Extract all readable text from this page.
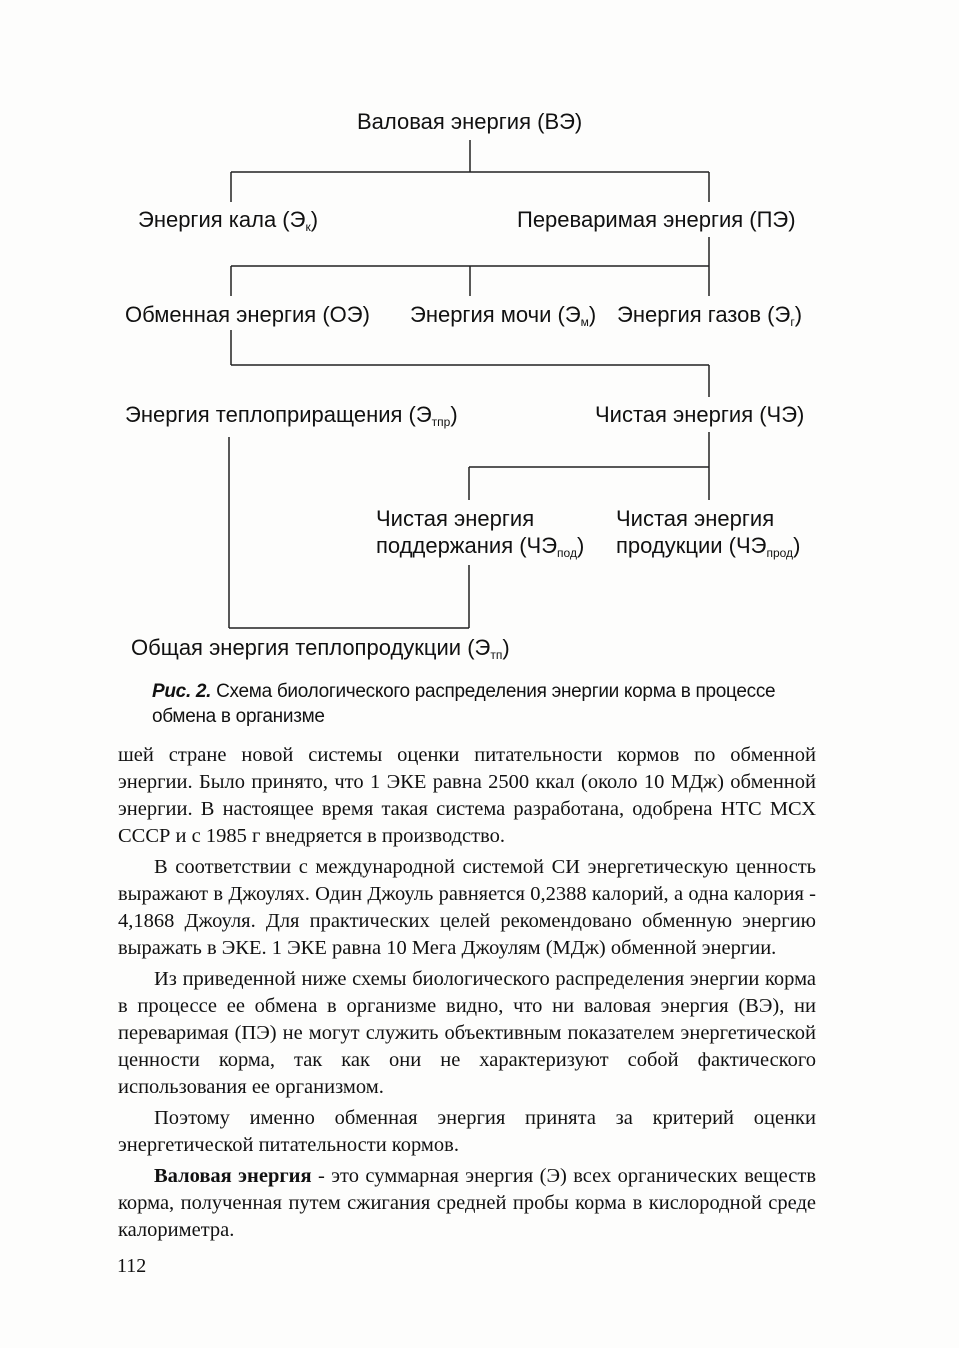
Валовая энергия (ВЭ)
Энергия кала $(Э_к)$	Переваримая энергия (ПЭ)
Обменная энергия (ОЭ) Энергия мочи $(Э_м)$ Энергия газов $(Э_г)$
Энергия теплоприращения $(Э_{тпр})$	Чистая энергия (ЧЭ)
Чистая энергия
поддержания $(ЧЭ_{под})$
Чистая энергия
продукции $(ЧЭ_{прод})$
Общая энергия теплопродукции $(Э_{тп})$
Рис. 2. Схема биологического распределения энергии корма в процессе обмена в организме

шей стране новой системы оценки питательности кормов по обменной энергии. Было принято, что 1 ЭКЕ равна 2500 ккал (около 10 МДж) обменной энергии. В настоящее время такая система разработана, одобрена НТС МСХ СССР и с 1985 г внедряется в производство.

В соответствии с международной системой СИ энергетическую ценность выражают в Джоулях. Один Джоуль равняется 0,2388 калорий, а одна калория - 4,1868 Джоуля. Для практических целей рекомендовано обменную энергию выражать в ЭКЕ. 1 ЭКЕ равна 10 Мега Джоулям (МДж) обменной энергии.

Из приведенной ниже схемы биологического распределения энергии корма в процессе ее обмена в организме видно, что ни валовая энергия (ВЭ), ни переваримая (ПЭ) не могут служить объективным показателем энергетической ценности корма, так как они не характеризуют собой фактического использования ее организмом.

Поэтому именно обменная энергия принята за критерий оценки энергетической питательности кормов.

Валовая энергия - это суммарная энергия (Э) всех органических веществ корма, полученная путем сжигания средней пробы корма в кислородной среде калориметра.

112
